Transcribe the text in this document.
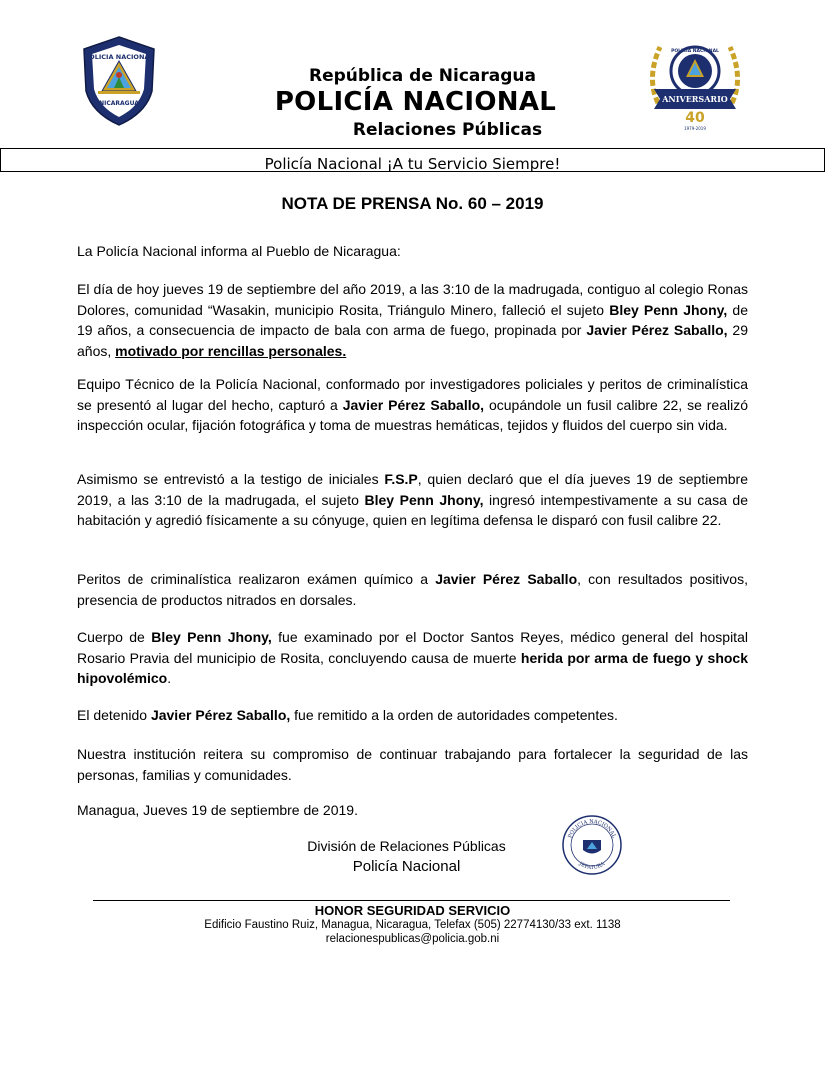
POLICIA NACIONAL
NICARAGUA
POLICIA NACIONAL
ANIVERSARIO
40
1979-2019
República de Nicaragua
POLICÍA NACIONAL
Relaciones Públicas
Policía Nacional ¡A tu Servicio Siempre!
NOTA DE PRENSA No. 60 – 2019
La Policía Nacional informa al Pueblo de Nicaragua:
El día de hoy jueves 19 de septiembre del año 2019, a las 3:10 de la madrugada, contiguo al colegio Ronas Dolores, comunidad “Wasakin, municipio Rosita, Triángulo Minero, falleció el sujeto Bley Penn Jhony, de 19 años, a consecuencia de impacto de bala con arma de fuego, propinada por Javier Pérez Saballo, 29 años, motivado por rencillas personales.
Equipo Técnico de la Policía Nacional, conformado por investigadores policiales y peritos de criminalística se presentó al lugar del hecho, capturó a Javier Pérez Saballo, ocupándole un fusil calibre 22, se realizó inspección ocular, fijación fotográfica y toma de muestras hemáticas, tejidos y fluidos del cuerpo sin vida.
Asimismo se entrevistó a la testigo de iniciales F.S.P, quien declaró que el día jueves 19 de septiembre 2019, a las 3:10 de la madrugada, el sujeto Bley Penn Jhony, ingresó intempestivamente a su casa de habitación y agredió físicamente a su cónyuge, quien en legítima defensa le disparó con fusil calibre 22.
Peritos de criminalística realizaron exámen químico a Javier Pérez Saballo, con resultados positivos, presencia de productos nitrados en dorsales.
Cuerpo de Bley Penn Jhony, fue examinado por el Doctor Santos Reyes, médico general del hospital Rosario Pravia del municipio de Rosita, concluyendo causa de muerte herida por arma de fuego y shock hipovolémico.
El detenido Javier Pérez Saballo, fue remitido a la orden de autoridades competentes.
Nuestra institución reitera su compromiso de continuar trabajando para fortalecer la seguridad de las personas, familias y comunidades.
Managua, Jueves 19 de septiembre de 2019.
División de Relaciones Públicas
Policía Nacional
POLICIA NACIONAL
JEFATURA
HONOR SEGURIDAD SERVICIO
Edificio Faustino Ruiz, Managua, Nicaragua, Telefax (505) 22774130/33 ext. 1138
relacionespublicas@policia.gob.ni
